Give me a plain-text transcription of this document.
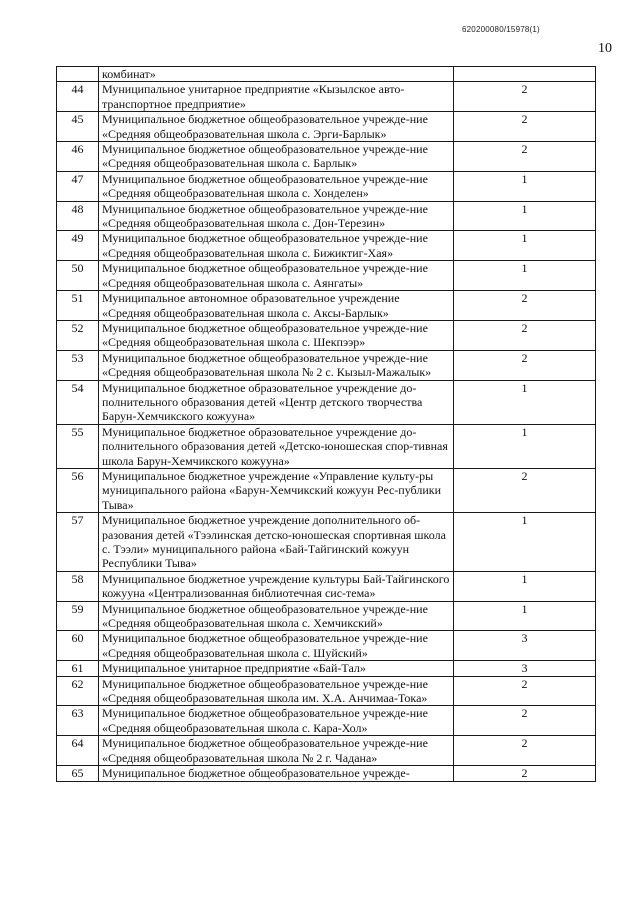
620200080/15978(1)
10
	комбинат»	
44	Муниципальное унитарное предприятие «Кызылское авто-транспортное предприятие»	2
45	Муниципальное бюджетное общеобразовательное учрежде-ние «Средняя общеобразовательная школа с. Эрги-Барлык»	2
46	Муниципальное бюджетное общеобразовательное учрежде-ние «Средняя общеобразовательная школа с. Барлык»	2
47	Муниципальное бюджетное общеобразовательное учрежде-ние «Средняя общеобразовательная школа с. Хонделен»	1
48	Муниципальное бюджетное общеобразовательное учрежде-ние «Средняя общеобразовательная школа с. Дон-Терезин»	1
49	Муниципальное бюджетное общеобразовательное учрежде-ние «Средняя общеобразовательная школа с. Бижиктиг-Хая»	1
50	Муниципальное бюджетное общеобразовательное учрежде-ние «Средняя общеобразовательная школа с. Аянгаты»	1
51	Муниципальное автономное образовательное учреждение «Средняя общеобразовательная школа с. Аксы-Барлык»	2
52	Муниципальное бюджетное общеобразовательное учрежде-ние «Средняя общеобразовательная школа с. Шекпээр»	2
53	Муниципальное бюджетное общеобразовательное учрежде-ние «Средняя общеобразовательная школа № 2 с. Кызыл-Мажалык»	2
54	Муниципальное бюджетное образовательное учреждение до-полнительного образования детей «Центр детского творчества Барун-Хемчикского кожууна»	1
55	Муниципальное бюджетное образовательное учреждение до-полнительного образования детей «Детско-юношеская спор-тивная школа Барун-Хемчикского кожууна»	1
56	Муниципальное бюджетное учреждение «Управление культу-ры муниципального района «Барун-Хемчикский кожуун Рес-публики Тыва»	2
57	Муниципальное бюджетное учреждение дополнительного об-разования детей «Тээлинская детско-юношеская спортивная школа с. Тээли» муниципального района «Бай-Тайгинский кожуун Республики Тыва»	1
58	Муниципальное бюджетное учреждение культуры Бай-Тайгинского кожууна «Централизованная библиотечная сис-тема»	1
59	Муниципальное бюджетное общеобразовательное учрежде-ние «Средняя общеобразовательная школа с. Хемчикский»	1
60	Муниципальное бюджетное общеобразовательное учрежде-ние «Средняя общеобразовательная школа с. Шуйский»	3
61	Муниципальное унитарное предприятие «Бай-Тал»	3
62	Муниципальное бюджетное общеобразовательное учрежде-ние «Средняя общеобразовательная школа им. Х.А. Анчимаа-Тока»	2
63	Муниципальное бюджетное общеобразовательное учрежде-ние «Средняя общеобразовательная школа с. Кара-Хол»	2
64	Муниципальное бюджетное общеобразовательное учрежде-ние «Средняя общеобразовательная школа № 2 г. Чадана»	2
65	Муниципальное бюджетное общеобразовательное учрежде-	2
